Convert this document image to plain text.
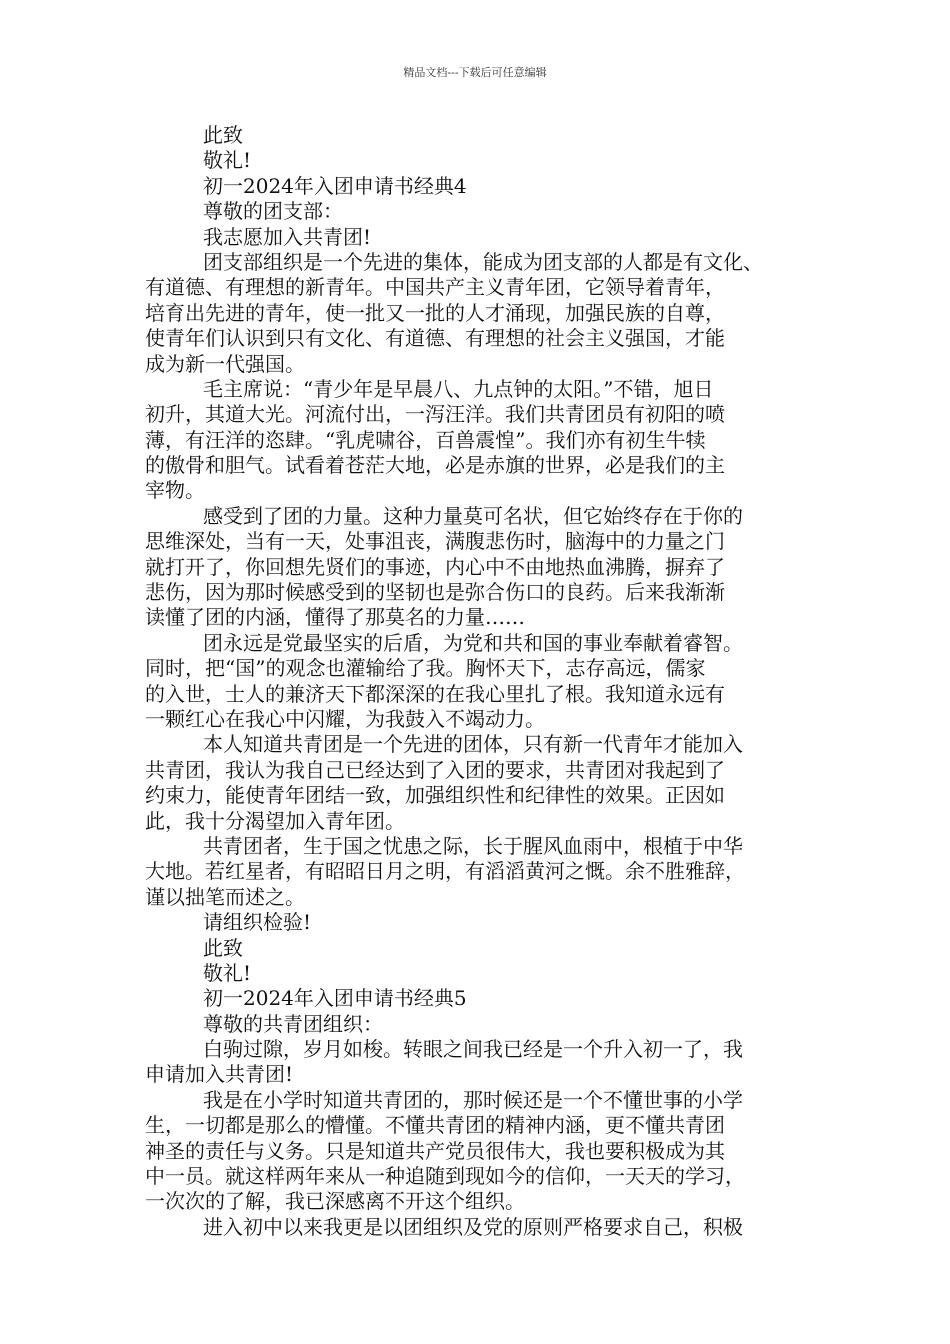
精品文档---下载后可任意编辑
此致
敬礼!
初一2024年入团申请书经典4
尊敬的团支部：
我志愿加入共青团!
团支部组织是一个先进的集体，能成为团支部的人都是有文化、
有道德、有理想的新青年。中国共产主义青年团，它领导着青年，
培育出先进的青年，使一批又一批的人才涌现，加强民族的自尊，
使青年们认识到只有文化、有道德、有理想的社会主义强国，才能
成为新一代强国。
毛主席说：“青少年是早晨八、九点钟的太阳。”不错，旭日
初升，其道大光。河流付出，一泻汪洋。我们共青团员有初阳的喷
薄，有汪洋的恣肆。“乳虎啸谷，百兽震惶”。我们亦有初生牛犊
的傲骨和胆气。试看着苍茫大地，必是赤旗的世界，必是我们的主
宰物。
感受到了团的力量。这种力量莫可名状，但它始终存在于你的
思维深处，当有一天，处事沮丧，满腹悲伤时，脑海中的力量之门
就打开了，你回想先贤们的事迹，内心中不由地热血沸腾，摒弃了
悲伤，因为那时候感受到的坚韧也是弥合伤口的良药。后来我渐渐
读懂了团的内涵，懂得了那莫名的力量……
团永远是党最坚实的后盾，为党和共和国的事业奉献着睿智。
同时，把“国”的观念也灌输给了我。胸怀天下，志存高远，儒家
的入世，士人的兼济天下都深深的在我心里扎了根。我知道永远有
一颗红心在我心中闪耀，为我鼓入不竭动力。
本人知道共青团是一个先进的团体，只有新一代青年才能加入
共青团，我认为我自己已经达到了入团的要求，共青团对我起到了
约束力，能使青年团结一致，加强组织性和纪律性的效果。正因如
此，我十分渴望加入青年团。
共青团者，生于国之忧患之际，长于腥风血雨中，根植于中华
大地。若红星者，有昭昭日月之明，有滔滔黄河之慨。余不胜雅辞，
谨以拙笔而述之。
请组织检验!
此致
敬礼!
初一2024年入团申请书经典5
尊敬的共青团组织：
白驹过隙，岁月如梭。转眼之间我已经是一个升入初一了，我
申请加入共青团!
我是在小学时知道共青团的，那时候还是一个不懂世事的小学
生，一切都是那么的懵懂。不懂共青团的精神内涵，更不懂共青团
神圣的责任与义务。只是知道共产党员很伟大，我也要积极成为其
中一员。就这样两年来从一种追随到现如今的信仰，一天天的学习，
一次次的了解，我已深感离不开这个组织。
进入初中以来我更是以团组织及党的原则严格要求自己，积极
